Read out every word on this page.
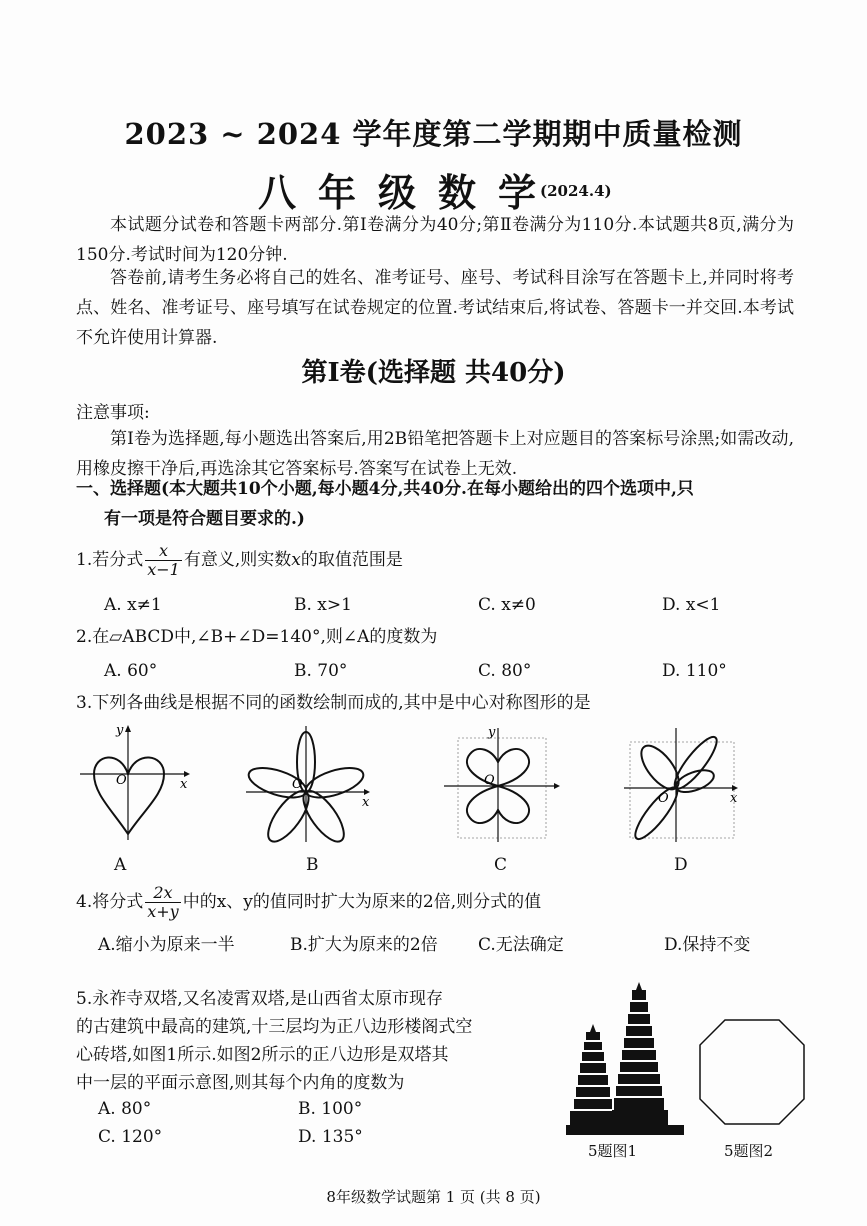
2023 ~ 2024 学年度第二学期期中质量检测
八年级数学
(2024.4)
本试题分试卷和答题卡两部分.第Ⅰ卷满分为40分;第Ⅱ卷满分为110分.本试题共8页,满分为150分.考试时间为120分钟.
答卷前,请考生务必将自己的姓名、准考证号、座号、考试科目涂写在答题卡上,并同时将考点、姓名、准考证号、座号填写在试卷规定的位置.考试结束后,将试卷、答题卡一并交回.本考试不允许使用计算器.
第Ⅰ卷(选择题 共40分)
注意事项:
第Ⅰ卷为选择题,每小题选出答案后,用2B铅笔把答题卡上对应题目的答案标号涂黑;如需改动,用橡皮擦干净后,再选涂其它答案标号.答案写在试卷上无效.
一、选择题(本大题共10个小题,每小题4分,共40分.在每小题给出的四个选项中,只
有一项是符合题目要求的.)
1.若分式 $\frac{x}{x-1}$ 有意义,则实数x的取值范围是
A. x≠1	B. x>1	C. x≠0	D. x<1
2.在▱ABCD中,∠B+∠D=140°,则∠A的度数为
A. 60°	B. 70°	C. 80°	D. 110°
3.下列各曲线是根据不同的函数绘制而成的,其中是中心对称图形的是
O	x
y
O
x
O
y
O	x
A	B	C	D
4.将分式 $\frac{2x}{x+y}$ 中的x、y的值同时扩大为原来的2倍,则分式的值
A.缩小为原来一半	B.扩大为原来的2倍 C.无法确定	D.保持不变
5.永祚寺双塔,又名凌霄双塔,是山西省太原市现存
的古建筑中最高的建筑,十三层均为正八边形楼阁式空
心砖塔,如图1所示.如图2所示的正八边形是双塔其
中一层的平面示意图,则其每个内角的度数为
A. 80°	B. 100°
C. 120°	D. 135°
5题图1	5题图2
8年级数学试题第 1 页 (共 8 页)
